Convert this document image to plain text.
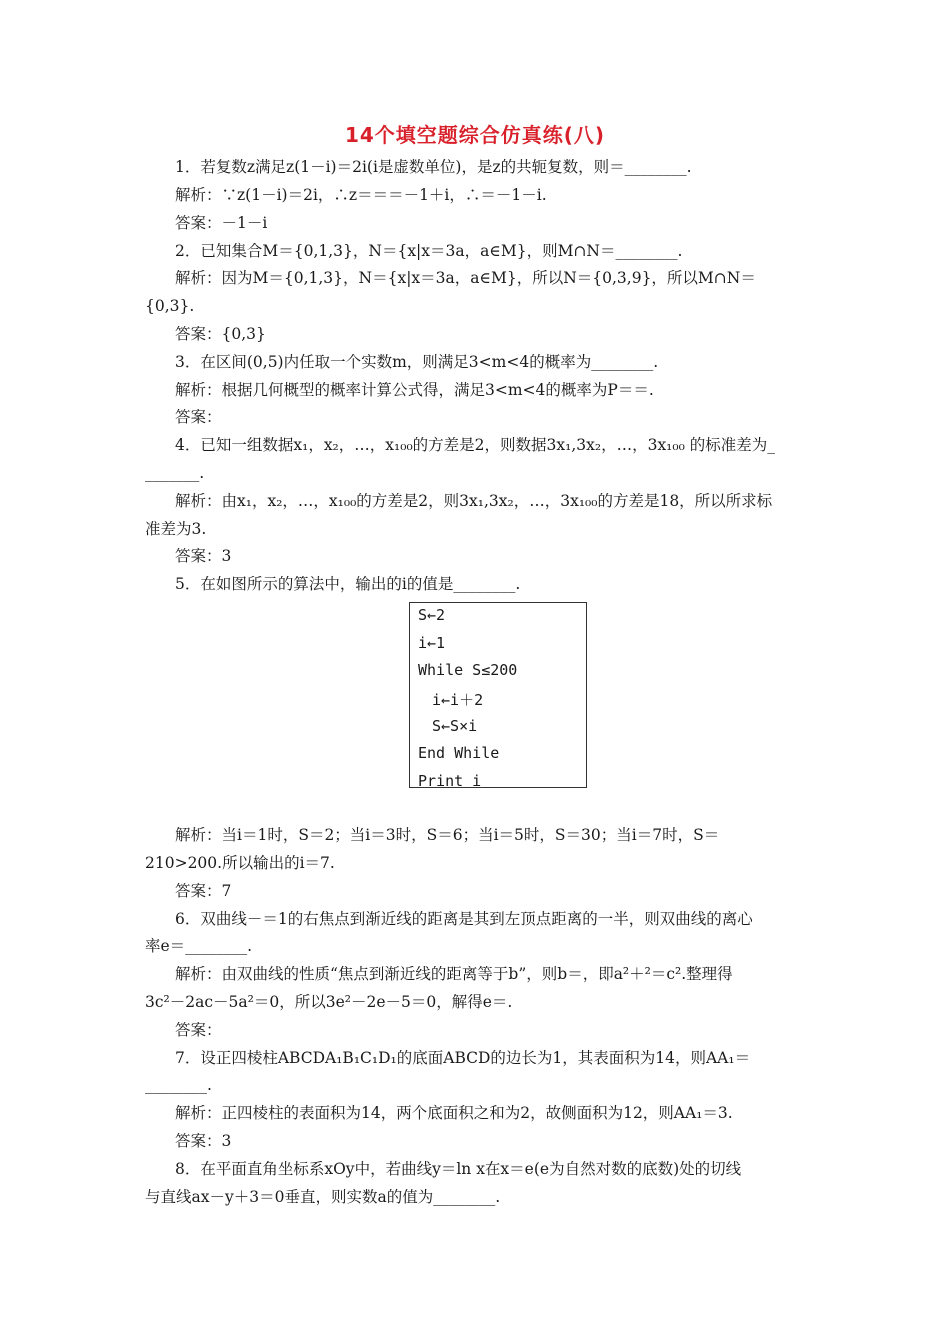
14个填空题综合仿真练(八)
1．若复数z满足z(1－i)＝2i(i是虚数单位)，是z的共轭复数，则＝________.
解析：∵z(1－i)＝2i，∴z＝＝＝－1＋i，∴＝－1－i.
答案：－1－i
2．已知集合M＝{0,1,3}，N＝{x|x＝3a，a∈M}，则M∩N＝________.
解析：因为M＝{0,1,3}，N＝{x|x＝3a，a∈M}，所以N＝{0,3,9}，所以M∩N＝
{0,3}.
答案：{0,3}
3．在区间(0,5)内任取一个实数m，则满足3<m<4的概率为________.
解析：根据几何概型的概率计算公式得，满足3<m<4的概率为P＝＝.
答案：
4．已知一组数据x₁，x₂，…，x₁₀₀的方差是2，则数据3x₁,3x₂，…，3x₁₀₀ 的标准差为_
_______.
解析：由x₁，x₂，…，x₁₀₀的方差是2，则3x₁,3x₂，…，3x₁₀₀的方差是18，所以所求标
准差为3.
答案：3
5．在如图所示的算法中，输出的i的值是________.
S←2
i←1
While S≤200
i←i＋2
S←S×i
End While
Print i
解析：当i＝1时，S＝2；当i＝3时，S＝6；当i＝5时，S＝30；当i＝7时，S＝
210>200.所以输出的i＝7.
答案：7
6．双曲线－＝1的右焦点到渐近线的距离是其到左顶点距离的一半，则双曲线的离心
率e＝________.
解析：由双曲线的性质“焦点到渐近线的距离等于b”，则b＝，即a²＋²＝c².整理得
3c²－2ac－5a²＝0，所以3e²－2e－5＝0，解得e＝.
答案：
7．设正四棱柱ABCDA₁B₁C₁D₁的底面ABCD的边长为1，其表面积为14，则AA₁＝
________.
解析：正四棱柱的表面积为14，两个底面积之和为2，故侧面积为12，则AA₁＝3.
答案：3
8．在平面直角坐标系xOy中，若曲线y＝ln x在x＝e(e为自然对数的底数)处的切线
与直线ax－y＋3＝0垂直，则实数a的值为________.
